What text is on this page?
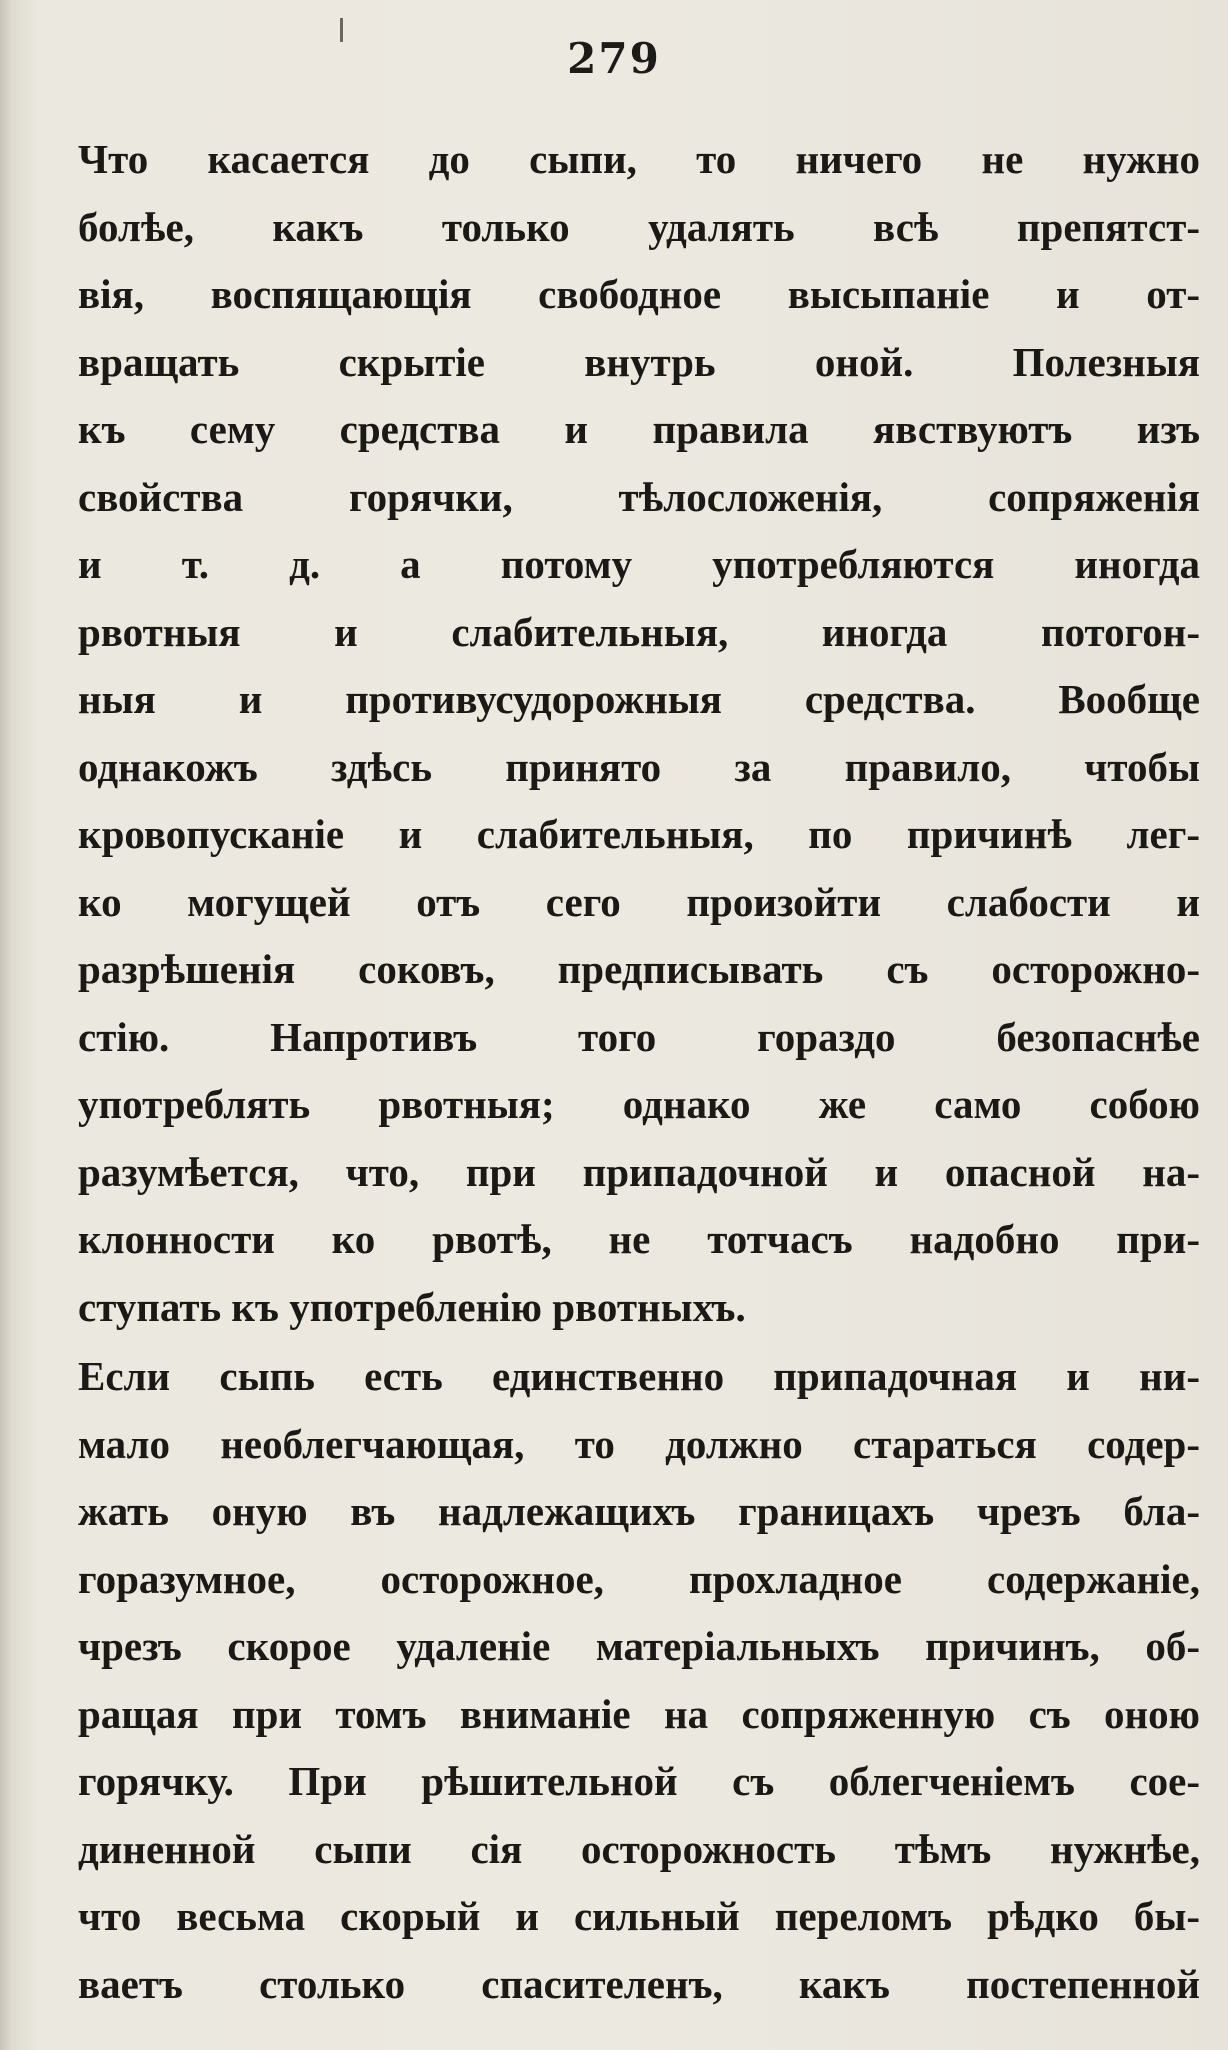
279
Что касается до сыпи, то ничего не нужно
болѣе, какъ только удалять всѣ препятст-
вія, воспящающія свободное высыпаніе и от-
вращать скрытіе внутрь оной. Полезныя
къ сему средства и правила явствуютъ изъ
свойства горячки, тѣлосложенія, сопряженія
и т. д. а потому употребляются иногда
рвотныя и слабительныя, иногда потогон-
ныя и противусудорожныя средства. Вообще
однакожъ здѣсь принято за правило, чтобы
кровопусканіе и слабительныя, по причинѣ лег-
ко могущей отъ сего произойти слабости и
разрѣшенія соковъ, предписывать съ осторожно-
стію. Напротивъ того гораздо безопаснѣе
употреблять рвотныя; однако же само собою
разумѣется, что, при припадочной и опасной на-
клонности ко рвотѣ, не тотчасъ надобно при-
ступать къ употребленію рвотныхъ.
Если сыпь есть единственно припадочная и ни-
мало необлегчающая, то должно стараться содер-
жать оную въ надлежащихъ границахъ чрезъ бла-
горазумное, осторожное, прохладное содержаніе,
чрезъ скорое удаленіе матеріальныхъ причинъ, об-
ращая при томъ вниманіе на сопряженную съ оною
горячку. При рѣшительной съ облегченіемъ сое-
диненной сыпи сія осторожность тѣмъ нужнѣе,
что весьма скорый и сильный переломъ рѣдко бы-
ваетъ столько спасителенъ, какъ постепенной
